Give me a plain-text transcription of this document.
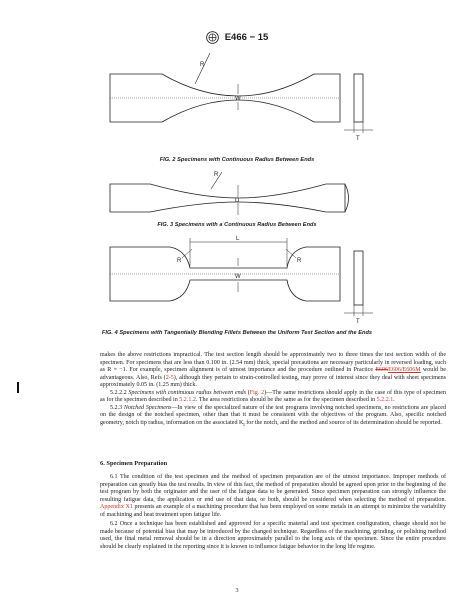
E466 − 15
R
W
T
R
D
L
R	R
W
T
FIG. 2 Specimens with Continuous Radius Between Ends
FIG. 3 Specimens with a Continuous Radius Between Ends
FIG. 4 Specimens with Tangentially Blending Fillets Between the Uniform Test Section and the Ends

makes the above restrictions impractical. The test section length should be approximately two to three times the test section width of the specimen. For specimens that are less than 0.100 in. (2.54 mm) thick, special precautions are necessary particularly in reversed loading, such as R = −1. For example, specimen alignment is of utmost importance and the procedure outlined in Practice E606E606/E606M would be advantageous. Also, Refs (2-5), although they pertain to strain-controlled testing, may prove of interest since they deal with sheet specimens approximately 0.05 in. (1.25 mm) thick.

5.2.2.2 Specimens with continuous radius between ends (Fig. 2)—The same restrictions should apply in the case of this type of specimen as for the specimen described in 5.2.1.2. The area restrictions should be the same as for the specimen described in 5.2.2.1.

5.2.3 Notched Specimens—In view of the specialized nature of the test programs involving notched specimens, no restrictions are placed on the design of the notched specimen, other than that it must be consistent with the objectives of the program. Also, specific notched geometry, notch tip radius, information on the associated $K_t$ for the notch, and the method and source of its determination should be reported.

6. Specimen Preparation

6.1 The condition of the test specimen and the method of specimen preparation are of the utmost importance. Improper methods of preparation can greatly bias the test results. In view of this fact, the method of preparation should be agreed upon prior to the beginning of the test program by both the originator and the user of the fatigue data to be generated. Since specimen preparation can strongly influence the resulting fatigue data, the application or end use of that data, or both, should be considered when selecting the method of preparation. Appendix X1 presents an example of a machining procedure that has been employed on some metals in an attempt to minimize the variability of machining and heat treatment upon fatigue life.

6.2 Once a technique has been established and approved for a specific material and test specimen configuration, change should not be made because of potential bias that may be introduced by the changed technique. Regardless of the machining, grinding, or polishing method used, the final metal removal should be in a direction approximately parallel to the long axis of the specimen. Since the entire procedure should be clearly explained in the reporting since it is known to influence fatigue behavior in the long life regime.

3
